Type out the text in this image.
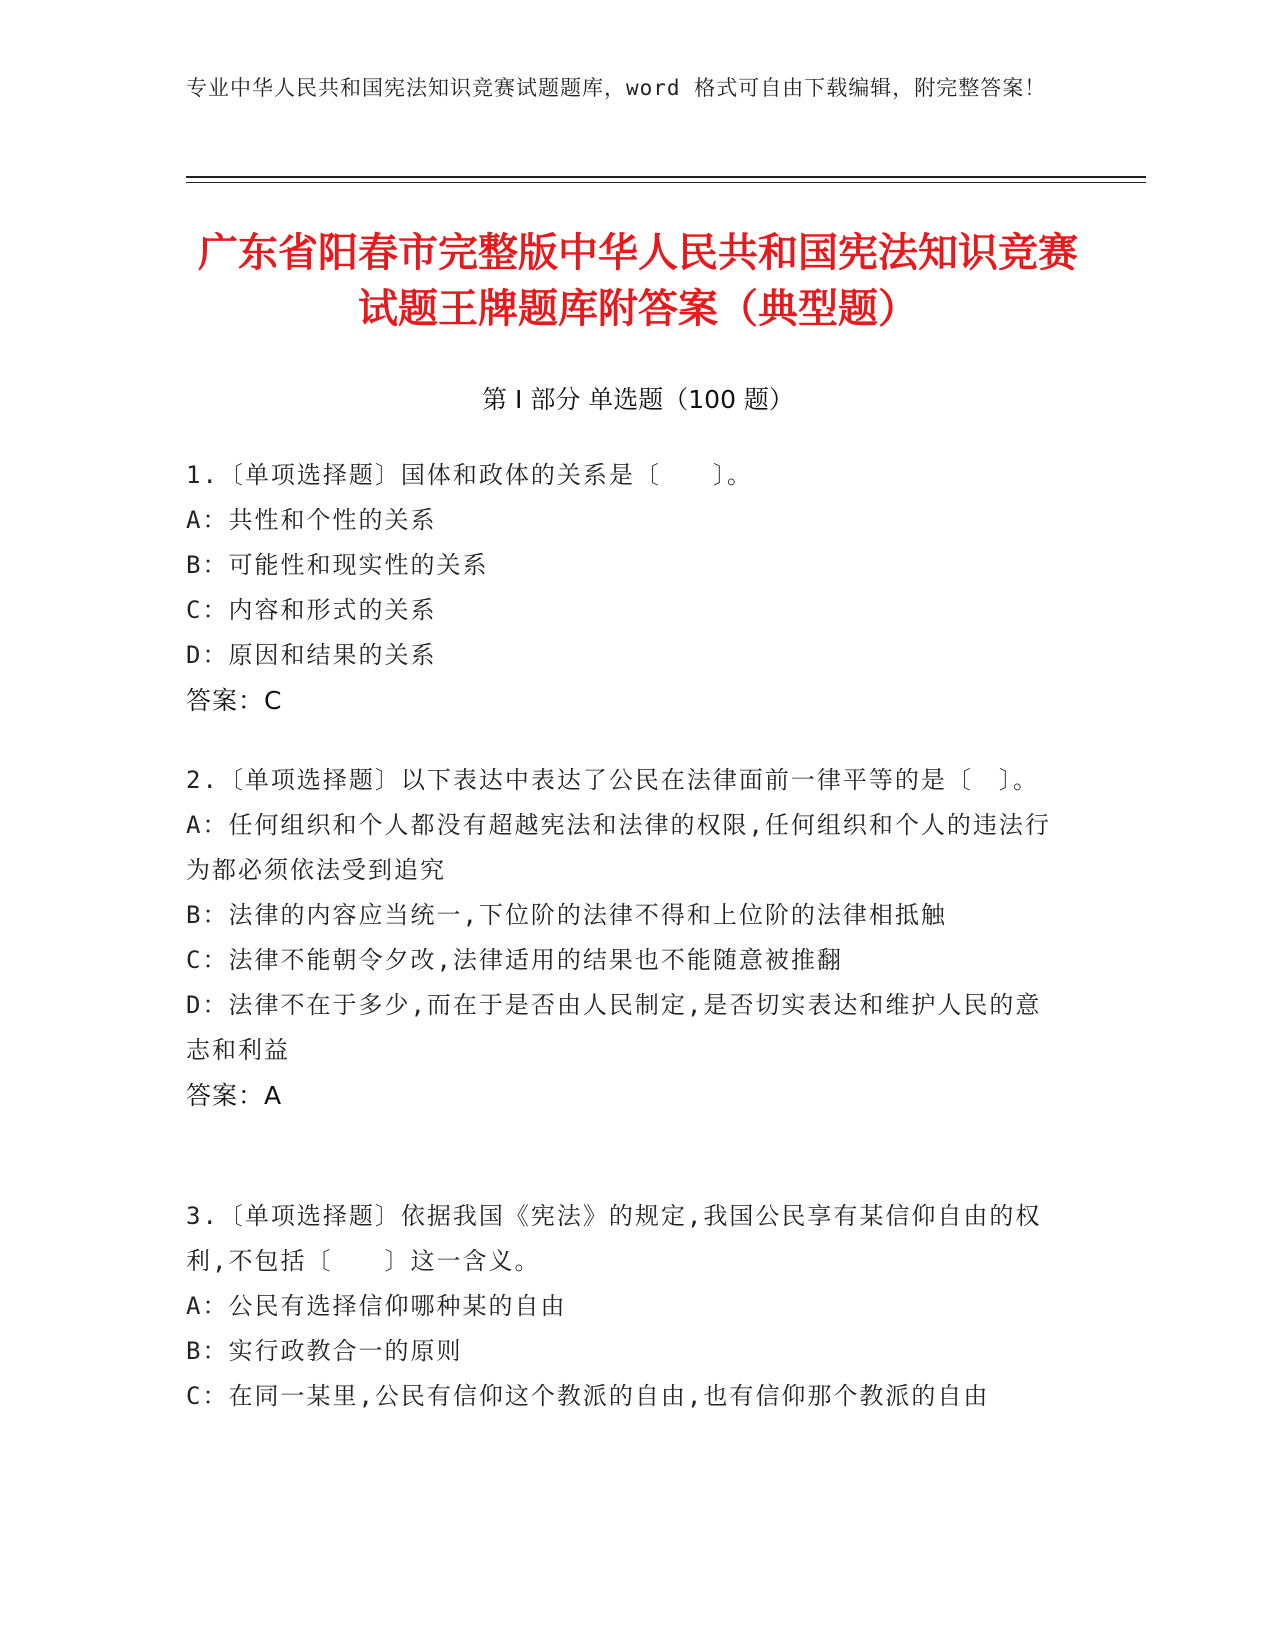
专业中华人民共和国宪法知识竞赛试题题库，word 格式可自由下载编辑，附完整答案！
广东省阳春市完整版中华人民共和国宪法知识竞赛试题王牌题库附答案（典型题）
第 I 部分 单选题（100 题）

1.〔单项选择题〕国体和政体的关系是〔　　〕。

A：共性和个性的关系

B：可能性和现实性的关系

C：内容和形式的关系

D：原因和结果的关系

答案：C

2.〔单项选择题〕以下表达中表达了公民在法律面前一律平等的是〔　〕。

A：任何组织和个人都没有超越宪法和法律的权限,任何组织和个人的违法行为都必须依法受到追究

B：法律的内容应当统一,下位阶的法律不得和上位阶的法律相抵触

C：法律不能朝令夕改,法律适用的结果也不能随意被推翻

D：法律不在于多少,而在于是否由人民制定,是否切实表达和维护人民的意志和利益

答案：A

3.〔单项选择题〕依据我国《宪法》的规定,我国公民享有某信仰自由的权利,不包括〔　　〕这一含义。

A：公民有选择信仰哪种某的自由

B：实行政教合一的原则

C：在同一某里,公民有信仰这个教派的自由,也有信仰那个教派的自由
